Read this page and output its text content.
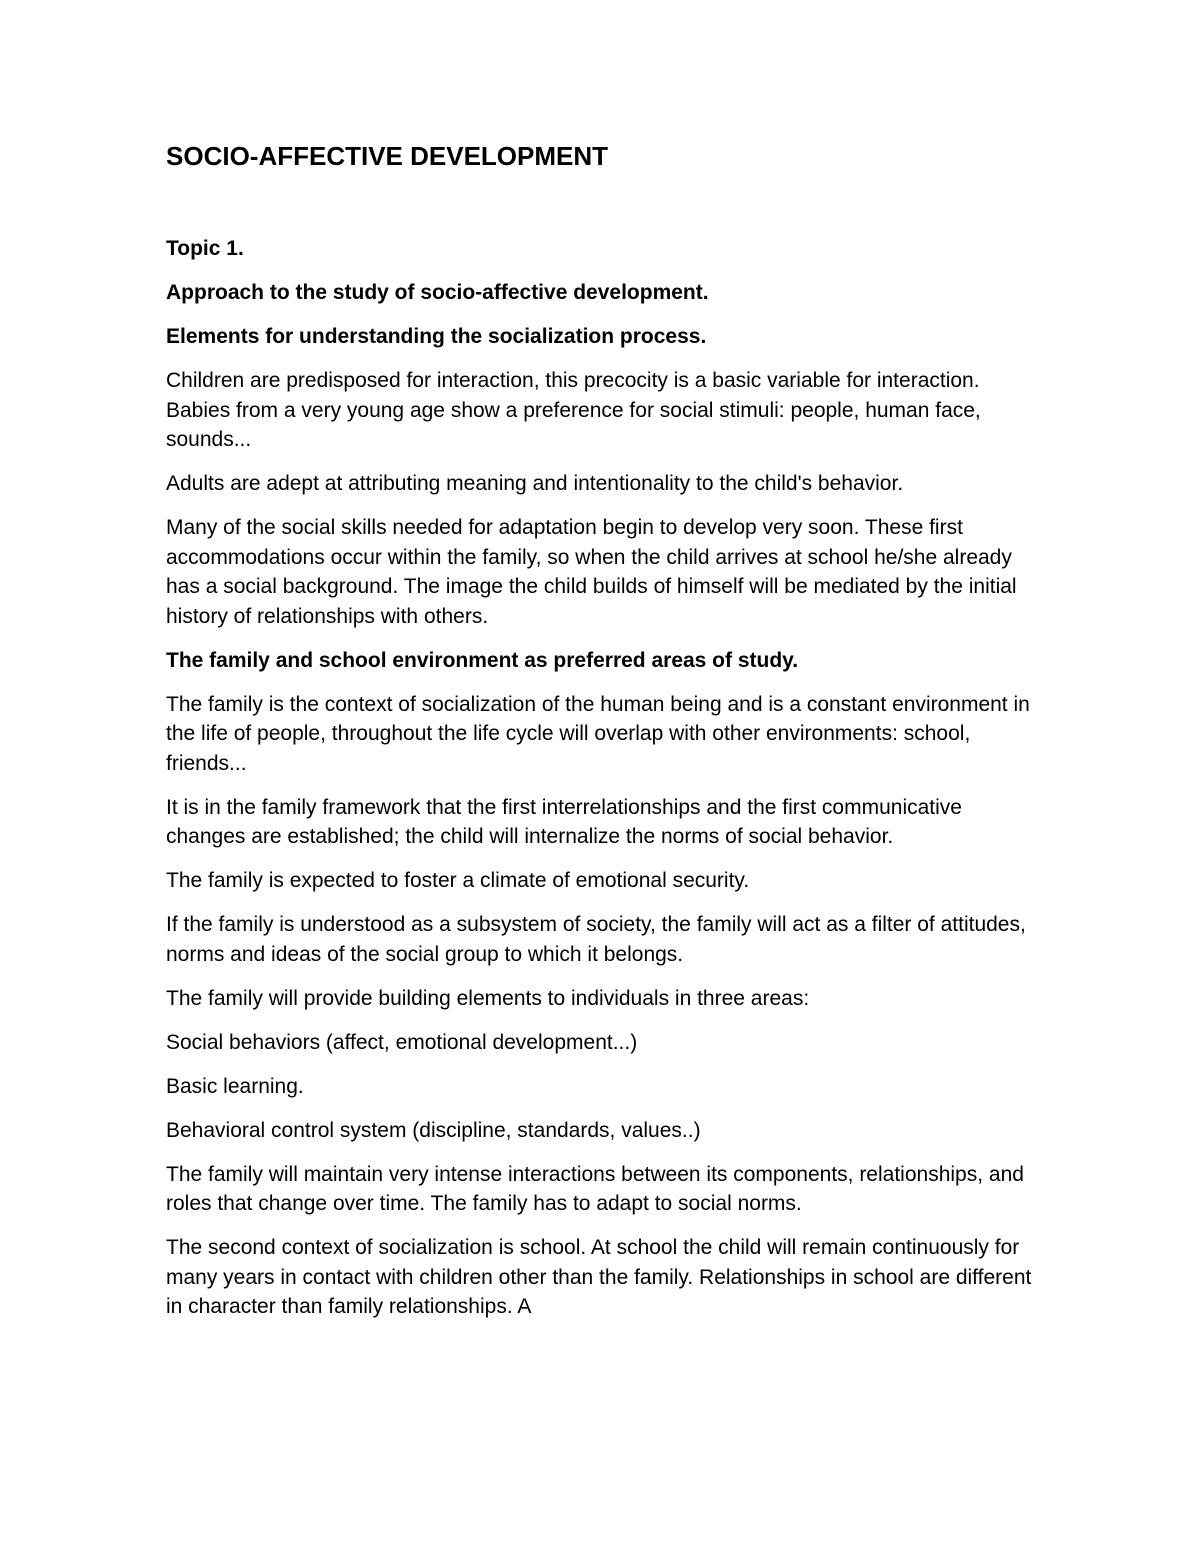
SOCIO-AFFECTIVE DEVELOPMENT

Topic 1.

Approach to the study of socio-affective development.

Elements for understanding the socialization process.

Children are predisposed for interaction, this precocity is a basic variable for interaction. Babies from a very young age show a preference for social stimuli: people, human face, sounds...

Adults are adept at attributing meaning and intentionality to the child's behavior.

Many of the social skills needed for adaptation begin to develop very soon. These first accommodations occur within the family, so when the child arrives at school he/she already has a social background. The image the child builds of himself will be mediated by the initial history of relationships with others.

The family and school environment as preferred areas of study.

The family is the context of socialization of the human being and is a constant environment in the life of people, throughout the life cycle will overlap with other environments: school, friends...

It is in the family framework that the first interrelationships and the first communicative changes are established; the child will internalize the norms of social behavior.

The family is expected to foster a climate of emotional security.

If the family is understood as a subsystem of society, the family will act as a filter of attitudes, norms and ideas of the social group to which it belongs.

The family will provide building elements to individuals in three areas:

Social behaviors (affect, emotional development...)

Basic learning.

Behavioral control system (discipline, standards, values..)

The family will maintain very intense interactions between its components, relationships, and roles that change over time. The family has to adapt to social norms.

The second context of socialization is school. At school the child will remain continuously for many years in contact with children other than the family. Relationships in school are different in character than family relationships. A
